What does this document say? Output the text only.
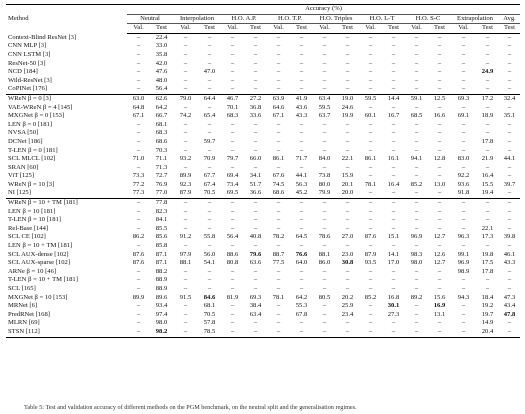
Method	Accuracy (%)																
	Neutral		Interpolation		H.O. A.P.		H.O. T.P.		H.O. Triples		H.O. L-T		H.O. S-C		Extrapolation		Avg.
	Val.	Test	Val.	Test	Val.	Test	Val.	Test	Val.	Test	Val.	Test	Val.	Test	Val.	Test	Test
Context-Blind ResNet [3]	–	22.4	–	–	–	–	–	–	–	–	–	–	–	–	–	–	–
CNN MLP [3]	–	33.0	–	–	–	–	–	–	–	–	–	–	–	–	–	–	–
CNN LSTM [3]	–	35.8	–	–	–	–	–	–	–	–	–	–	–	–	–	–	–
ResNet-50 [3]	–	42.0	–	–	–	–	–	–	–	–	–	–	–	–	–	–	–
NCD [184]	–	47.6	–	47.0	–	–	–	–	–	–	–	–	–	–	–	24.9	–
Wild-ResNet [3]	–	48.0	–	–	–	–	–	–	–	–	–	–	–	–	–	–	–
CoPINet [176]	–	56.4	–	–	–	–	–	–	–	–	–	–	–	–	–	–	–
WReN β = 0 [3]	63.0	62.6	79.0	64.4	46.7	27.2	63.9	41.9	63.4	19.0	59.5	14.4	59.1	12.5	69.3	17.2	32.4
VAE-WReN β = 4 [145]	64.8	64.2	–	–	70.1	36.8	64.6	43.6	59.5	24.6	–	–	–	–	–	–	–
MXGNet β = 0 [153]	67.1	66.7	74.2	65.4	68.3	33.6	67.1	43.3	63.7	19.9	60.1	16.7	68.5	16.6	69.1	18.9	35.1
LEN β = 0 [181]	–	68.1	–	–	–	–	–	–	–	–	–	–	–	–	–	–	–
NVSA [50]	–	68.3	–	–	–	–	–	–	–	–	–	–	–	–	–	–	–
DCNet [186]	–	68.6	–	59.7	–	–	–	–	–	–	–	–	–	–	–	17.8	–
T-LEN β = 0 [181]	–	70.3	–	–	–	–	–	–	–	–	–	–	–	–	–	–	–
SCL MLCL [102]	71.0	71.1	93.2	70.9	79.7	66.0	86.1	71.7	84.0	22.1	86.1	16.1	94.1	12.8	83.0	21.9	44.1
SRAN [60]	–	71.3	–	–	–	–	–	–	–	–	–	–	–	–	–	–	–
ViT [125]	73.3	72.7	89.9	67.7	69.4	34.1	67.6	44.1	73.8	15.9	–	–	–	–	92.2	16.4	–
WReN β = 10 [3]	77.2	76.9	92.3	67.4	73.4	51.7	74.5	56.3	80.0	20.1	78.1	16.4	85.2	13.0	93.6	15.5	39.7
NI [125]	77.3	77.0	87.9	70.5	69.5	36.6	68.6	45.2	79.9	20.0	–	–	–	–	91.8	19.4	–
WReN β = 10 + TM [181]	–	77.8	–	–	–	–	–	–	–	–	–	–	–	–	–	–	–
LEN β = 10 [181]	–	82.3	–	–	–	–	–	–	–	–	–	–	–	–	–	–	–
T-LEN β = 10 [181]	–	84.1	–	–	–	–	–	–	–	–	–	–	–	–	–	–	–
Rel-Base [144]	–	85.5	–	–	–	–	–	–	–	–	–	–	–	–	–	22.1	–
SCL CE [102]	86.2	85.6	91.2	55.8	56.4	40.8	78.2	64.5	78.6	27.0	87.6	15.1	96.9	12.7	96.3	17.3	39.8
LEN β = 10 + TM [181]	–	85.8	–	–	–	–	–	–	–	–	–	–	–	–	–	–	–
SCL AUX-dense [102]	87.6	87.1	97.9	56.0	88.6	79.6	88.7	76.6	88.1	23.0	87.9	14.1	98.3	12.6	99.1	19.8	46.1
SCL AUX-sparse [102]	87.6	87.1	88.1	54.1	80.8	63.6	77.5	64.0	86.0	30.8	93.5	17.0	98.0	12.7	96.9	17.5	43.3
ARNe β = 10 [46]	–	88.2	–	–	–	–	–	–	–	–	–	–	–	–	98.9	17.8	–
T-LEN β = 10 + TM [181]	–	88.9	–	–	–	–	–	–	–	–	–	–	–	–	–	–	–
SCL [165]	–	88.9	–	–	–	–	–	–	–	–	–	–	–	–	–	–	–
MXGNet β = 10 [153]	89.9	89.6	91.5	84.6	81.9	69.3	78.1	64.2	80.5	20.2	85.2	16.8	89.2	15.6	94.3	18.4	47.3
MRNet [6]	–	93.4	–	68.1	–	38.4	–	55.3	–	25.9	–	30.1	–	16.9	–	19.2	43.4
PredRNet [168]	–	97.4	–	70.5	–	63.4	–	67.8	–	23.4	–	27.3	–	13.1	–	19.7	47.8
MLRN [69]	–	98.0	–	57.8	–	–	–	–	–	–	–	–	–	–	–	14.9	–
STSN [112]	–	98.2	–	78.5	–	–	–	–	–	–	–	–	–	–	–	20.4	–
Table 5: Test and validation accuracy of different methods on the PGM benchmark, on the neutral split and the generalisation regimes.
